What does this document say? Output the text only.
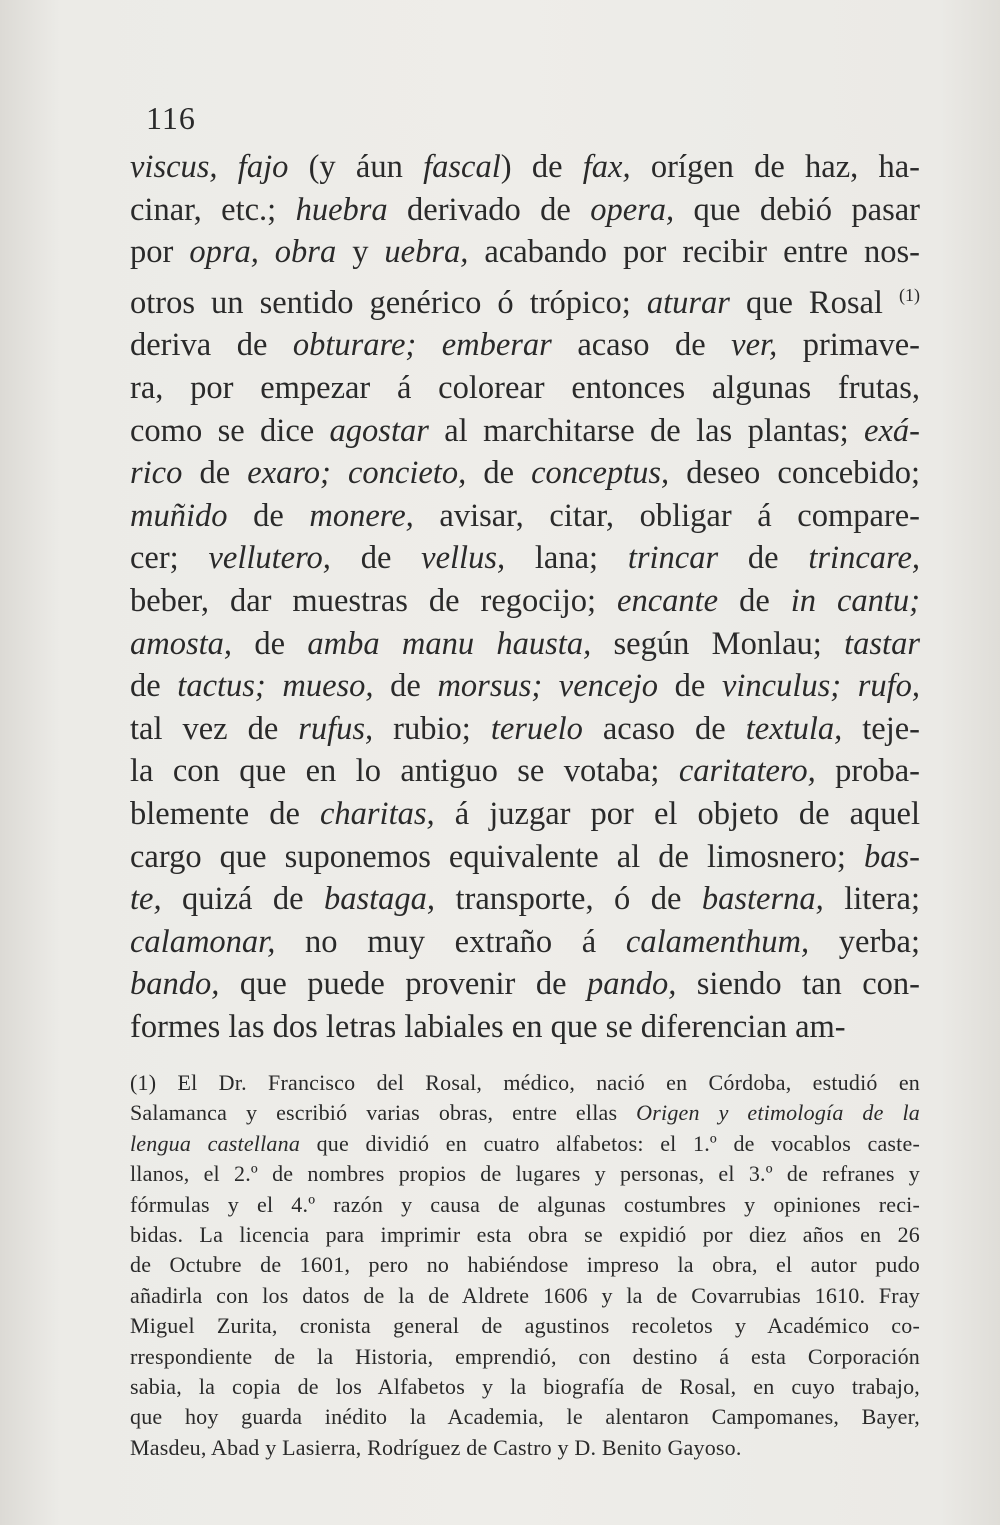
116
viscus, fajo (y áun fascal) de fax, orígen de haz, ha-
cinar, etc.; huebra derivado de opera, que debió pasar
por opra, obra y uebra, acabando por recibir entre nos-
otros un sentido genérico ó trópico; aturar que Rosal $^{(1)}$
deriva de obturare; emberar acaso de ver, primave-
ra, por empezar á colorear entonces algunas frutas,
como se dice agostar al marchitarse de las plantas; exá-
rico de exaro; concieto, de conceptus, deseo concebido;
muñido de monere, avisar, citar, obligar á compare-
cer; vellutero, de vellus, lana; trincar de trincare,
beber, dar muestras de regocijo; encante de in cantu;
amosta, de amba manu hausta, según Monlau; tastar
de tactus; mueso, de morsus; vencejo de vinculus; rufo,
tal vez de rufus, rubio; teruelo acaso de textula, teje-
la con que en lo antiguo se votaba; caritatero, proba-
blemente de charitas, á juzgar por el objeto de aquel
cargo que suponemos equivalente al de limosnero; bas-
te, quizá de bastaga, transporte, ó de basterna, litera;
calamonar, no muy extraño á calamenthum, yerba;
bando, que puede provenir de pando, siendo tan con-
formes las dos letras labiales en que se diferencian am-
(1) El Dr. Francisco del Rosal, médico, nació en Córdoba, estudió en
Salamanca y escribió varias obras, entre ellas Origen y etimología de la
lengua castellana que dividió en cuatro alfabetos: el 1.º de vocablos caste-
llanos, el 2.º de nombres propios de lugares y personas, el 3.º de refranes y
fórmulas y el 4.º razón y causa de algunas costumbres y opiniones reci-
bidas. La licencia para imprimir esta obra se expidió por diez años en 26
de Octubre de 1601, pero no habiéndose impreso la obra, el autor pudo
añadirla con los datos de la de Aldrete 1606 y la de Covarrubias 1610. Fray
Miguel Zurita, cronista general de agustinos recoletos y Académico co-
rrespondiente de la Historia, emprendió, con destino á esta Corporación
sabia, la copia de los Alfabetos y la biografía de Rosal, en cuyo trabajo,
que hoy guarda inédito la Academia, le alentaron Campomanes, Bayer,
Masdeu, Abad y Lasierra, Rodríguez de Castro y D. Benito Gayoso.
